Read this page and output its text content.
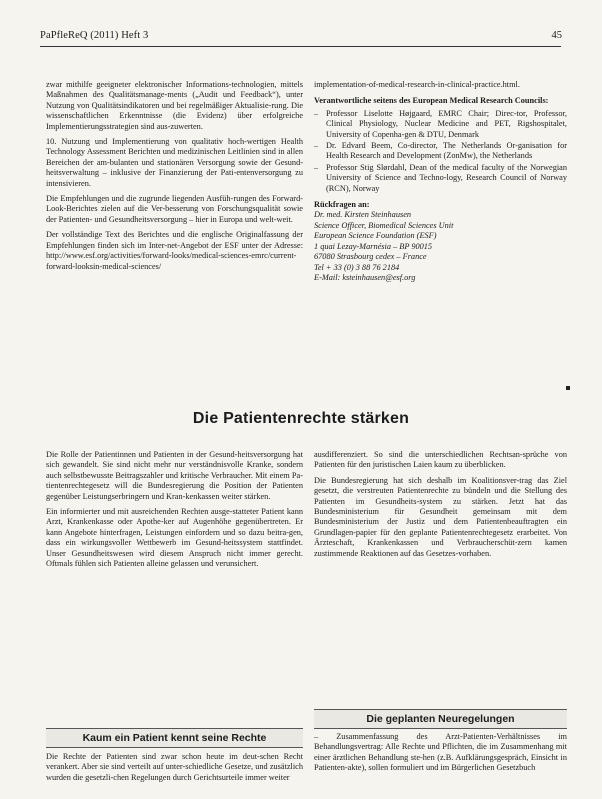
PaPfleReQ (2011) Heft 3	45

zwar mithilfe geeigneter elektronischer Informations-technologien, mittels Maßnahmen des Qualitätsmanage-ments („Audit und Feedback“), unter Nutzung von Qualitätsindikatoren und bei regelmäßiger Aktualisie-rung. Die wissenschaftlichen Erkenntnisse (die Evidenz) über erfolgreiche Implementierungsstrategien sind aus-zuwerten.

10. Nutzung und Implementierung von qualitativ hoch-wertigen Health Technology Assessment Berichten und medizinischen Leitlinien sind in allen Bereichen der am-bulanten und stationären Versorgung sowie der Gesund-heitsverwaltung – inklusive der Finanzierung der Pati-entenversorgung zu intensivieren.

Die Empfehlungen und die zugrunde liegenden Ausfüh-rungen des Forward-Look-Berichtes zielen auf die Ver-besserung von Forschungsqualität sowie der Patienten- und Gesundheitsversorgung – hier in Europa und welt-weit.

Der vollständige Text des Berichtes und die englische Originalfassung der Empfehlungen finden sich im Inter-net-Angebot der ESF unter der Adresse: http://www.esf.org/activities/forward-looks/medical-sciences-emrc/current-forward-looksin-medical-sciences/

implementation-of-medical-research-in-clinical-practice.html.

Verantwortliche seitens des European Medical Research Councils:
– Professor Liselotte Højgaard, EMRC Chair; Direc-tor, Professor, Clinical Physiology, Nuclear Medicine and PET, Rigshospitalet, University of Copenha-gen & DTU, Denmark
– Dr. Edvard Beem, Co-director, The Netherlands Or-ganisation for Health Research and Development (ZonMw), the Netherlands
– Professor Stig Slørdahl, Dean of the medical faculty of the Norwegian University of Science and Techno-logy, Research Council of Norway (RCN), Norway
Rückfragen an:
Dr. med. Kirsten Steinhausen
Science Officer, Biomedical Sciences Unit
European Science Foundation (ESF)
1 quai Lezay-Marnésia – BP 90015
67080 Strasbourg cedex – France
Tel + 33 (0) 3 88 76 2184
E-Mail: ksteinhausen@esf.org
Die Patientenrechte stärken

Die Rolle der Patientinnen und Patienten in der Gesund-heitsversorgung hat sich gewandelt. Sie sind nicht mehr nur verständnisvolle Kranke, sondern auch selbstbewusste Beitragszahler und kritische Verbraucher. Mit einem Pa-tientenrechtegesetz will die Bundesregierung die Position der Patienten gegenüber Leistungserbringern und Kran-kenkassen weiter stärken.

Ein informierter und mit ausreichenden Rechten ausge-statteter Patient kann Arzt, Krankenkasse oder Apothe-ker auf Augenhöhe gegenübertreten. Er kann Angebote hinterfragen, Leistungen einfordern und so dazu beitra-gen, dass ein wirkungsvoller Wettbewerb im Gesund-heitssystem stattfindet. Unser Gesundheitswesen wird diesem Anspruch nicht immer gerecht. Oftmals fühlen sich Patienten alleine gelassen und verunsichert.

Kaum ein Patient kennt seine Rechte

Die Rechte der Patienten sind zwar schon heute im deut-schen Recht verankert. Aber sie sind verteilt auf unter-schiedliche Gesetze, und zusätzlich wurden die gesetzli-chen Regelungen durch Gerichtsurteile immer weiter

ausdifferenziert. So sind die unterschiedlichen Rechtsan-sprüche von Patienten für den juristischen Laien kaum zu überblicken.

Die Bundesregierung hat sich deshalb im Koalitionsver-trag das Ziel gesetzt, die verstreuten Patientenrechte zu bündeln und die Stellung des Patienten im Gesundheits-system zu stärken. Jetzt hat das Bundesministerium für Gesundheit gemeinsam mit dem Bundesministerium der Justiz und dem Patientenbeauftragten ein Grundlagen-papier für den geplante Patientenrechtegesetz erarbeitet. Von Ärzteschaft, Krankenkassen und Verbraucherschüt-zern kamen zustimmende Reaktionen auf das Gesetzes-vorhaben.

Die geplanten Neuregelungen

– Zusammenfassung des Arzt-Patienten-Verhältnisses im Behandlungsvertrag: Alle Rechte und Pflichten, die im Zusammenhang mit einer ärztlichen Behandlung ste-hen (z.B. Aufklärungsgespräch, Einsicht in Patienten-akte), sollen formuliert und im Bürgerlichen Gesetzbuch
